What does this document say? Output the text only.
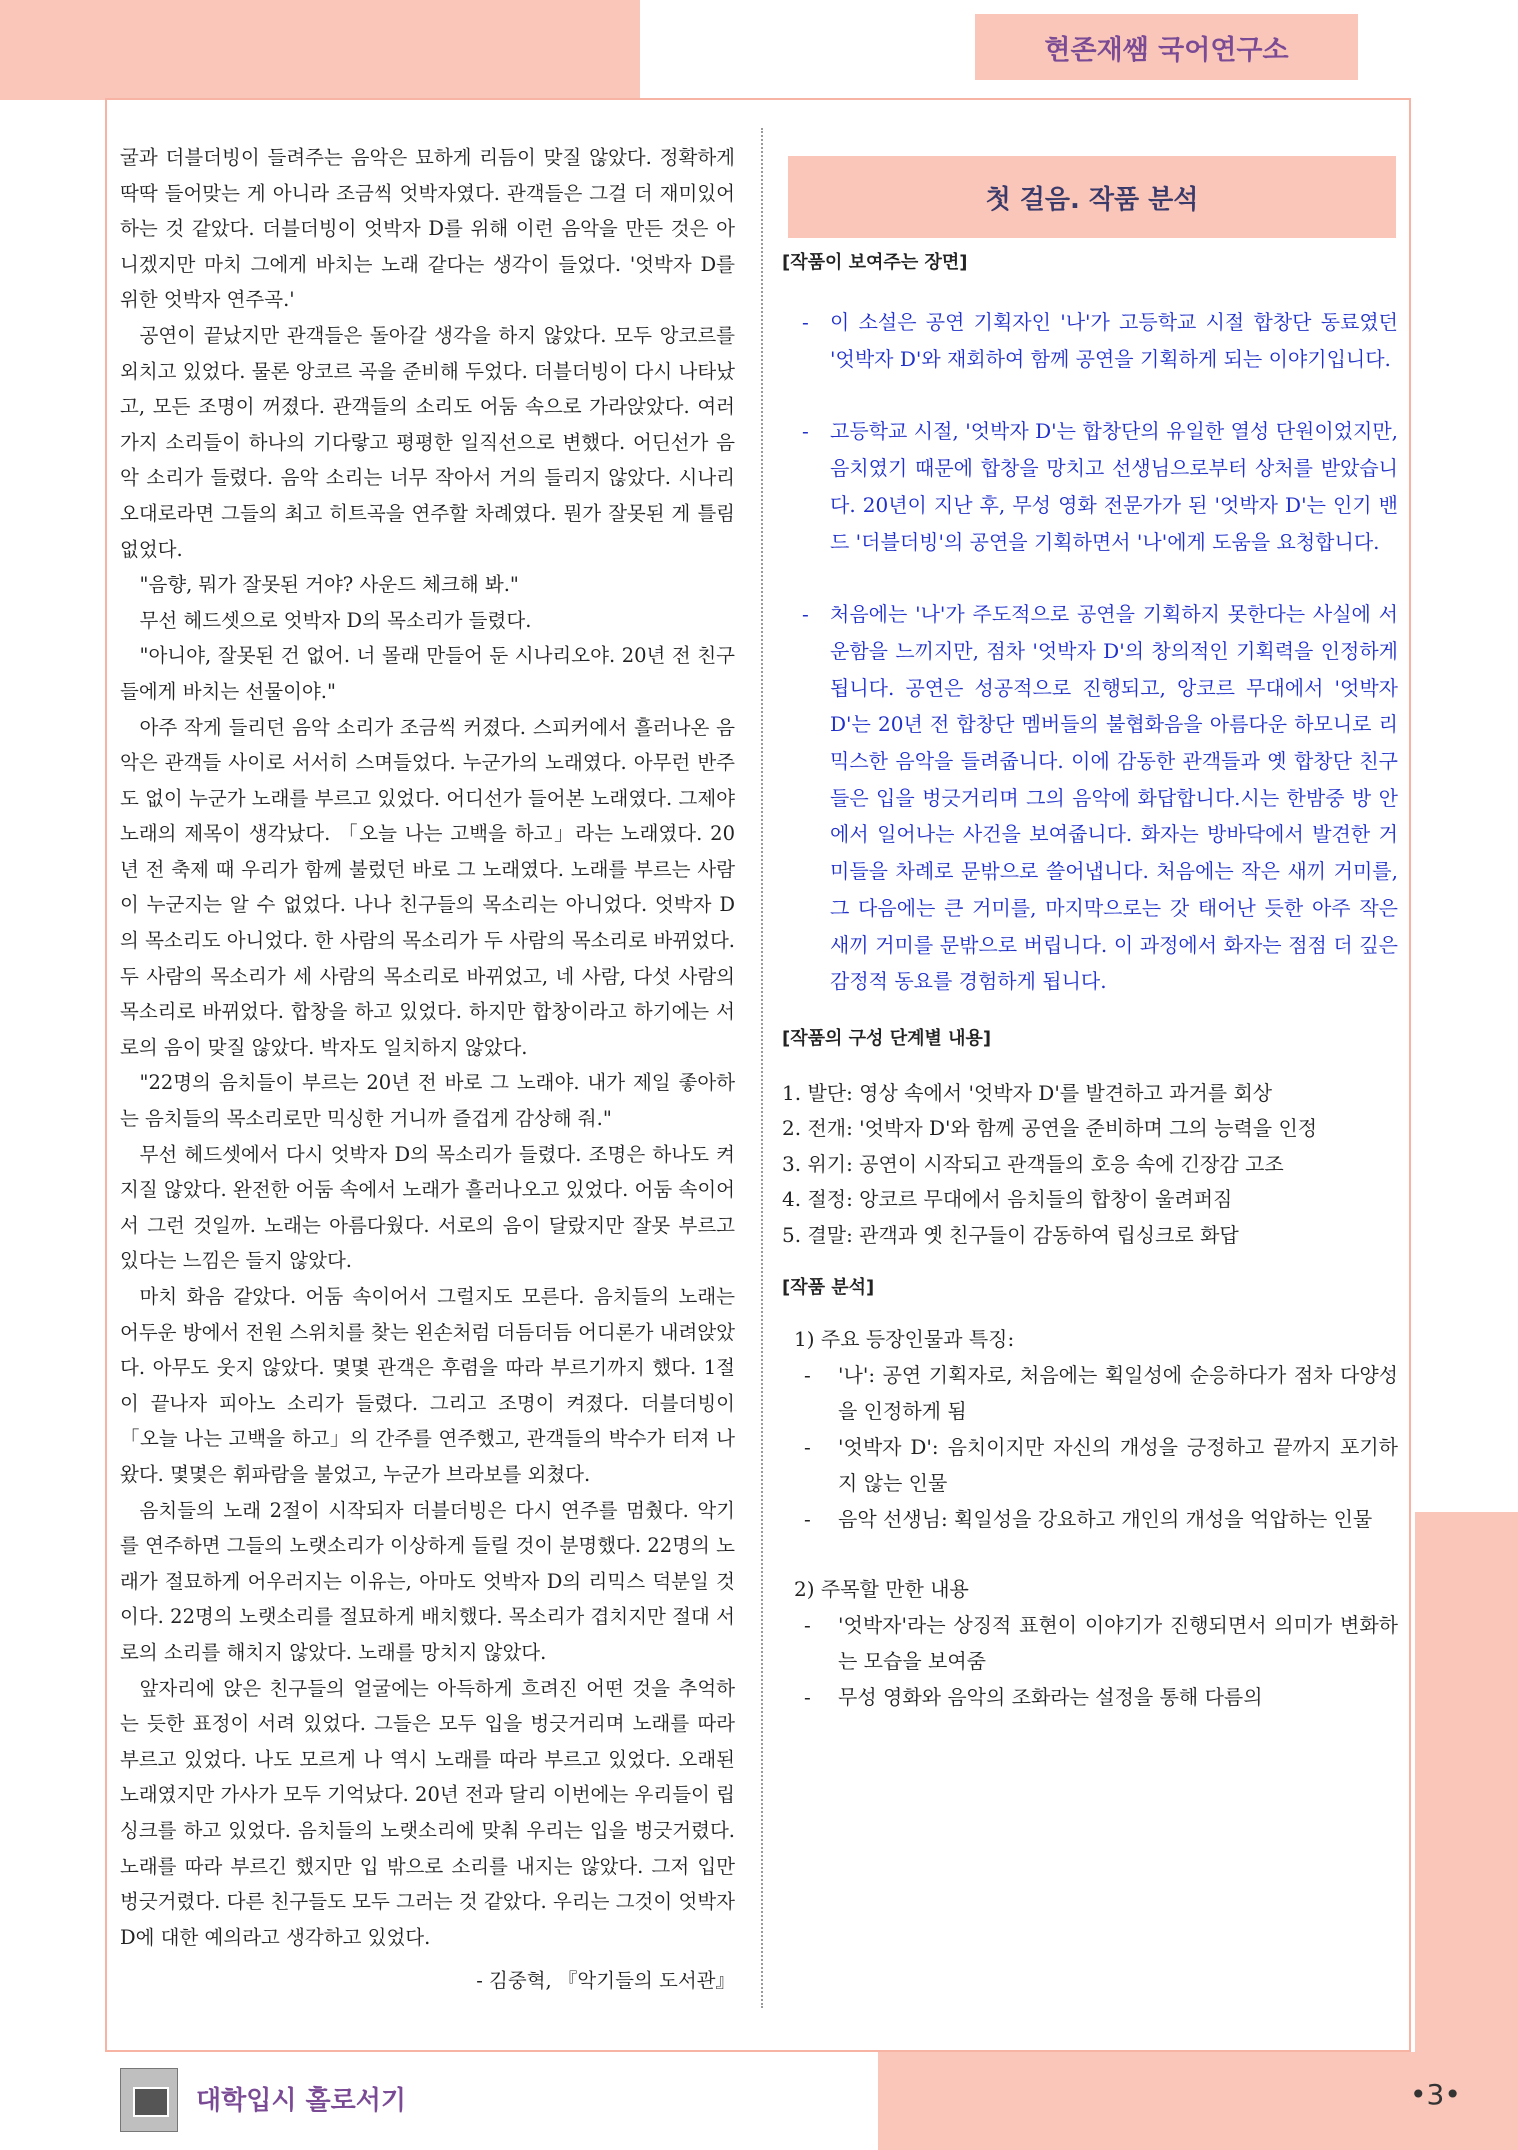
현존재쌤 국어연구소

굴과 더블더빙이 들려주는 음악은 묘하게 리듬이 맞질 않았다. 정확하게 딱딱 들어맞는 게 아니라 조금씩 엇박자였다. 관객들은 그걸 더 재미있어하는 것 같았다. 더블더빙이 엇박자 D를 위해 이런 음악을 만든 것은 아니겠지만 마치 그에게 바치는 노래 같다는 생각이 들었다. '엇박자 D를 위한 엇박자 연주곡.'

공연이 끝났지만 관객들은 돌아갈 생각을 하지 않았다. 모두 앙코르를 외치고 있었다. 물론 앙코르 곡을 준비해 두었다. 더블더빙이 다시 나타났고, 모든 조명이 꺼졌다. 관객들의 소리도 어둠 속으로 가라앉았다. 여러 가지 소리들이 하나의 기다랗고 평평한 일직선으로 변했다. 어딘선가 음악 소리가 들렸다. 음악 소리는 너무 작아서 거의 들리지 않았다. 시나리오대로라면 그들의 최고 히트곡을 연주할 차례였다. 뭔가 잘못된 게 틀림없었다.

"음향, 뭐가 잘못된 거야? 사운드 체크해 봐."

무선 헤드셋으로 엇박자 D의 목소리가 들렸다.

"아니야, 잘못된 건 없어. 너 몰래 만들어 둔 시나리오야. 20년 전 친구들에게 바치는 선물이야."

아주 작게 들리던 음악 소리가 조금씩 커졌다. 스피커에서 흘러나온 음악은 관객들 사이로 서서히 스며들었다. 누군가의 노래였다. 아무런 반주도 없이 누군가 노래를 부르고 있었다. 어디선가 들어본 노래였다. 그제야 노래의 제목이 생각났다. 「오늘 나는 고백을 하고」라는 노래였다. 20년 전 축제 때 우리가 함께 불렀던 바로 그 노래였다. 노래를 부르는 사람이 누군지는 알 수 없었다. 나나 친구들의 목소리는 아니었다. 엇박자 D의 목소리도 아니었다. 한 사람의 목소리가 두 사람의 목소리로 바뀌었다. 두 사람의 목소리가 세 사람의 목소리로 바뀌었고, 네 사람, 다섯 사람의 목소리로 바뀌었다. 합창을 하고 있었다. 하지만 합창이라고 하기에는 서로의 음이 맞질 않았다. 박자도 일치하지 않았다.

"22명의 음치들이 부르는 20년 전 바로 그 노래야. 내가 제일 좋아하는 음치들의 목소리로만 믹싱한 거니까 즐겁게 감상해 줘."

무선 헤드셋에서 다시 엇박자 D의 목소리가 들렸다. 조명은 하나도 켜지질 않았다. 완전한 어둠 속에서 노래가 흘러나오고 있었다. 어둠 속이어서 그런 것일까. 노래는 아름다웠다. 서로의 음이 달랐지만 잘못 부르고 있다는 느낌은 들지 않았다.

마치 화음 같았다. 어둠 속이어서 그럴지도 모른다. 음치들의 노래는 어두운 방에서 전원 스위치를 찾는 왼손처럼 더듬더듬 어디론가 내려앉았다. 아무도 웃지 않았다. 몇몇 관객은 후렴을 따라 부르기까지 했다. 1절이 끝나자 피아노 소리가 들렸다. 그리고 조명이 켜졌다. 더블더빙이 「오늘 나는 고백을 하고」의 간주를 연주했고, 관객들의 박수가 터져 나왔다. 몇몇은 휘파람을 불었고, 누군가 브라보를 외쳤다.

음치들의 노래 2절이 시작되자 더블더빙은 다시 연주를 멈췄다. 악기를 연주하면 그들의 노랫소리가 이상하게 들릴 것이 분명했다. 22명의 노래가 절묘하게 어우러지는 이유는, 아마도 엇박자 D의 리믹스 덕분일 것이다. 22명의 노랫소리를 절묘하게 배치했다. 목소리가 겹치지만 절대 서로의 소리를 해치지 않았다. 노래를 망치지 않았다.

앞자리에 앉은 친구들의 얼굴에는 아득하게 흐려진 어떤 것을 추억하는 듯한 표정이 서려 있었다. 그들은 모두 입을 벙긋거리며 노래를 따라 부르고 있었다. 나도 모르게 나 역시 노래를 따라 부르고 있었다. 오래된 노래였지만 가사가 모두 기억났다. 20년 전과 달리 이번에는 우리들이 립싱크를 하고 있었다. 음치들의 노랫소리에 맞춰 우리는 입을 벙긋거렸다. 노래를 따라 부르긴 했지만 입 밖으로 소리를 내지는 않았다. 그저 입만 벙긋거렸다. 다른 친구들도 모두 그러는 것 같았다. 우리는 그것이 엇박자 D에 대한 예의라고 생각하고 있었다.

- 김중혁, 『악기들의 도서관』

첫 걸음. 작품 분석

[작품이 보여주는 장면]

- 이 소설은 공연 기획자인 '나'가 고등학교 시절 합창단 동료였던 '엇박자 D'와 재회하여 함께 공연을 기획하게 되는 이야기입니다.
- 고등학교 시절, '엇박자 D'는 합창단의 유일한 열성 단원이었지만, 음치였기 때문에 합창을 망치고 선생님으로부터 상처를 받았습니다. 20년이 지난 후, 무성 영화 전문가가 된 '엇박자 D'는 인기 밴드 '더블더빙'의 공연을 기획하면서 '나'에게 도움을 요청합니다.
- 처음에는 '나'가 주도적으로 공연을 기획하지 못한다는 사실에 서운함을 느끼지만, 점차 '엇박자 D'의 창의적인 기획력을 인정하게 됩니다. 공연은 성공적으로 진행되고, 앙코르 무대에서 '엇박자 D'는 20년 전 합창단 멤버들의 불협화음을 아름다운 하모니로 리믹스한 음악을 들려줍니다. 이에 감동한 관객들과 옛 합창단 친구들은 입을 벙긋거리며 그의 음악에 화답합니다.시는 한밤중 방 안에서 일어나는 사건을 보여줍니다. 화자는 방바닥에서 발견한 거미들을 차례로 문밖으로 쓸어냅니다. 처음에는 작은 새끼 거미를, 그 다음에는 큰 거미를, 마지막으로는 갓 태어난 듯한 아주 작은 새끼 거미를 문밖으로 버립니다. 이 과정에서 화자는 점점 더 깊은 감정적 동요를 경험하게 됩니다.

[작품의 구성 단계별 내용]

1. 발단: 영상 속에서 '엇박자 D'를 발견하고 과거를 회상
2. 전개: '엇박자 D'와 함께 공연을 준비하며 그의 능력을 인정
3. 위기: 공연이 시작되고 관객들의 호응 속에 긴장감 고조
4. 절정: 앙코르 무대에서 음치들의 합창이 울려퍼짐
5. 결말: 관객과 옛 친구들이 감동하여 립싱크로 화답

[작품 분석]

1) 주요 등장인물과 특징:
- '나': 공연 기획자로, 처음에는 획일성에 순응하다가 점차 다양성을 인정하게 됨
- '엇박자 D': 음치이지만 자신의 개성을 긍정하고 끝까지 포기하지 않는 인물
- 음악 선생님: 획일성을 강요하고 개인의 개성을 억압하는 인물
2) 주목할 만한 내용
- '엇박자'라는 상징적 표현이 이야기가 진행되면서 의미가 변화하는 모습을 보여줌
- 무성 영화와 음악의 조화라는 설정을 통해 다름의
대학입시 홀로서기	•3•
